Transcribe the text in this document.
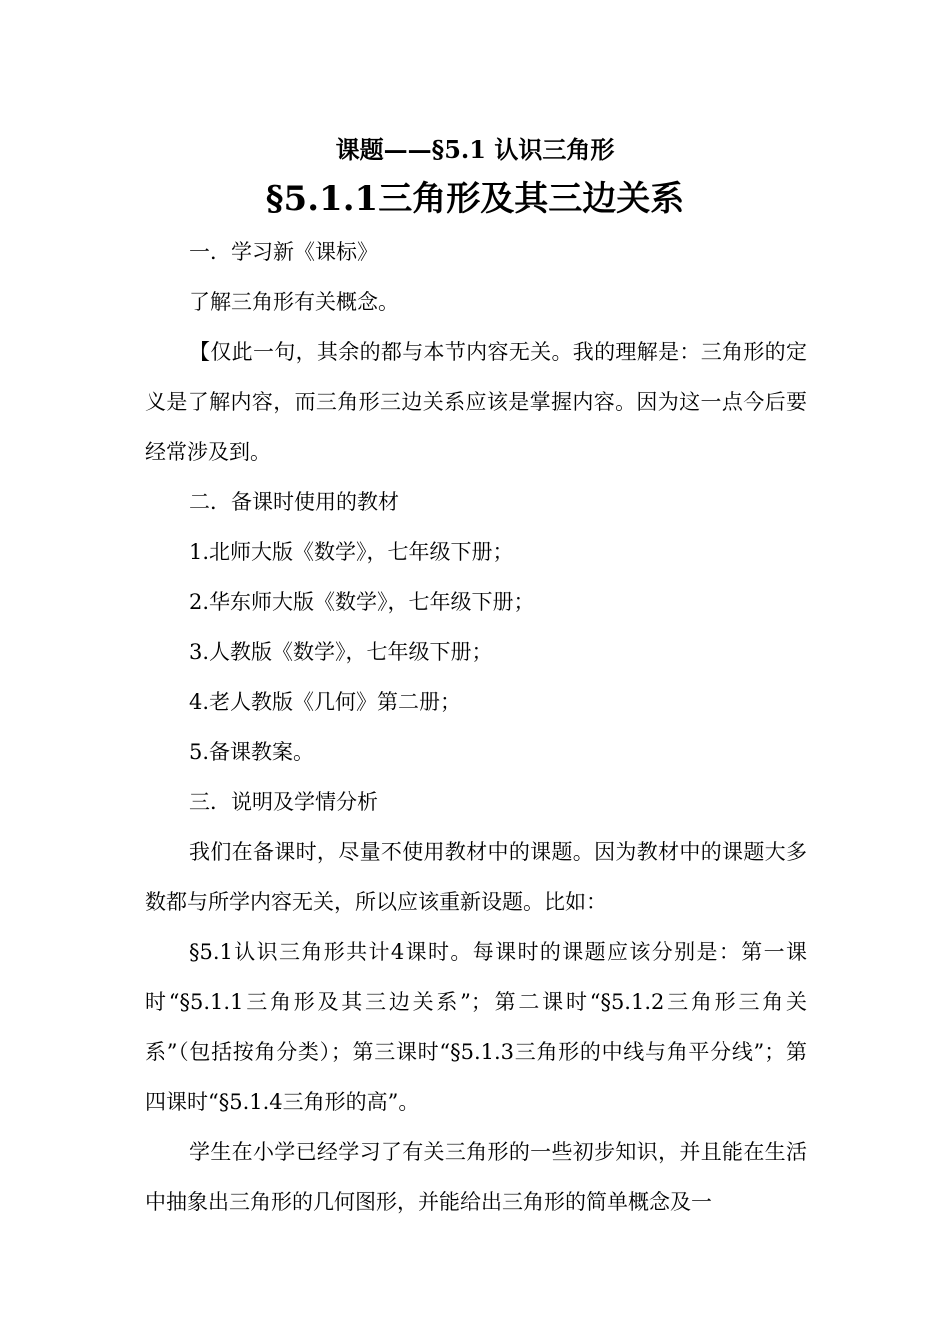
课题——§5.1 认识三角形
§5.1.1三角形及其三边关系

一．学习新《课标》

了解三角形有关概念。

【仅此一句，其余的都与本节内容无关。我的理解是：三角形的定义是了解内容，而三角形三边关系应该是掌握内容。因为这一点今后要经常涉及到。

二．备课时使用的教材

1.北师大版《数学》，七年级下册；

2.华东师大版《数学》，七年级下册；

3.人教版《数学》，七年级下册；

4.老人教版《几何》第二册；

5.备课教案。

三．说明及学情分析

我们在备课时，尽量不使用教材中的课题。因为教材中的课题大多数都与所学内容无关，所以应该重新设题。比如：

§5.1认识三角形共计4课时。每课时的课题应该分别是：第一课时“§5.1.1三角形及其三边关系”；第二课时“§5.1.2三角形三角关系”（包括按角分类）；第三课时“§5.1.3三角形的中线与角平分线”；第四课时“§5.1.4三角形的高”。

学生在小学已经学习了有关三角形的一些初步知识，并且能在生活中抽象出三角形的几何图形，并能给出三角形的简单概念及一
